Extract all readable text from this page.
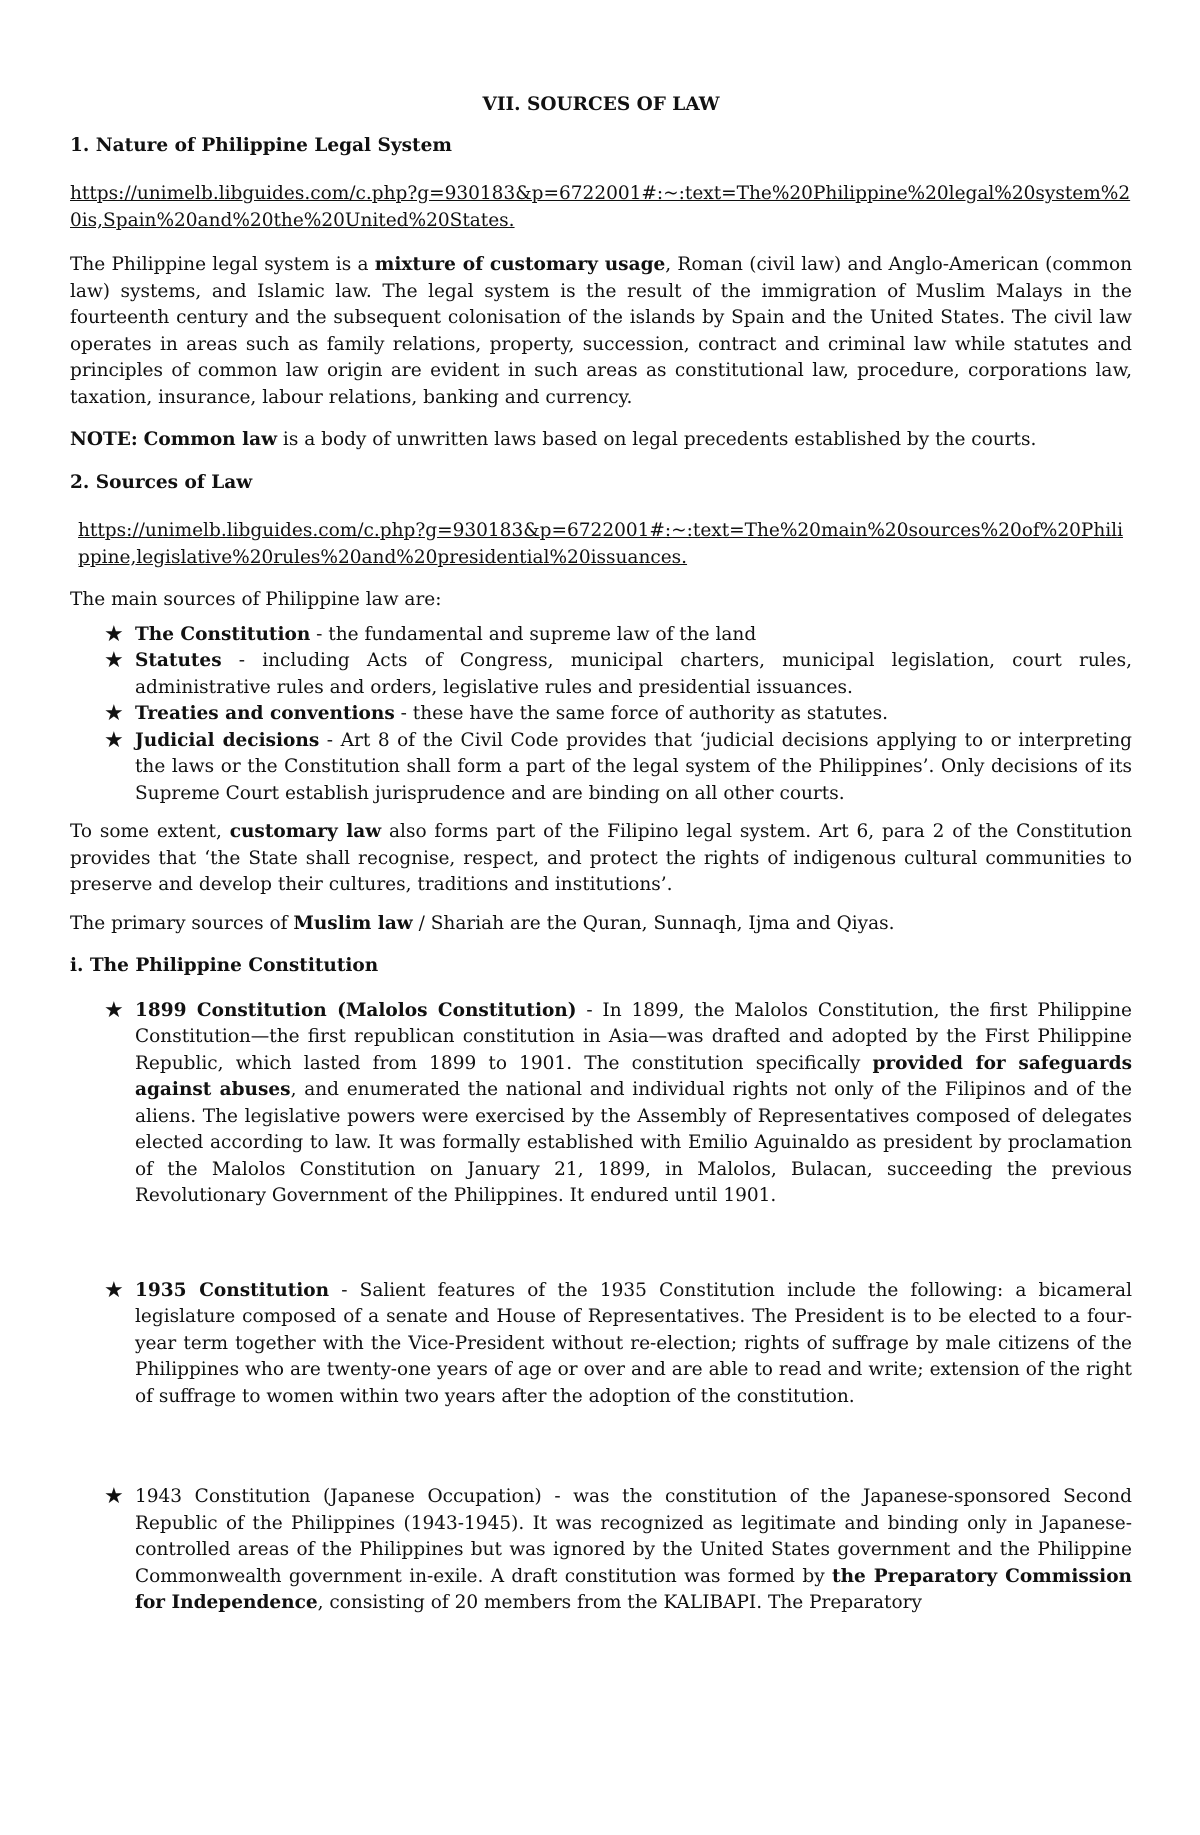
VII. SOURCES OF LAW

1. Nature of Philippine Legal System

https://unimelb.libguides.com/c.php?g=930183&p=6722001#:~:text=The%20Philippine%20legal%20system%20is,Spain%20and%20the%20United%20States.

The Philippine legal system is a mixture of customary usage, Roman (civil law) and Anglo-American (common law) systems, and Islamic law. The legal system is the result of the immigration of Muslim Malays in the fourteenth century and the subsequent colonisation of the islands by Spain and the United States. The civil law operates in areas such as family relations, property, succession, contract and criminal law while statutes and principles of common law origin are evident in such areas as constitutional law, procedure, corporations law, taxation, insurance, labour relations, banking and currency.

NOTE: Common law is a body of unwritten laws based on legal precedents established by the courts.

2. Sources of Law

https://unimelb.libguides.com/c.php?g=930183&p=6722001#:~:text=The%20main%20sources%20of%20Philippine,legislative%20rules%20and%20presidential%20issuances.

The main sources of Philippine law are:

★ The Constitution - the fundamental and supreme law of the land
★ Statutes - including Acts of Congress, municipal charters, municipal legislation, court rules, administrative rules and orders, legislative rules and presidential issuances.
★ Treaties and conventions - these have the same force of authority as statutes.
★ Judicial decisions - Art 8 of the Civil Code provides that ‘judicial decisions applying to or interpreting the laws or the Constitution shall form a part of the legal system of the Philippines’. Only decisions of its Supreme Court establish jurisprudence and are binding on all other courts.

To some extent, customary law also forms part of the Filipino legal system. Art 6, para 2 of the Constitution provides that ‘the State shall recognise, respect, and protect the rights of indigenous cultural communities to preserve and develop their cultures, traditions and institutions’.

The primary sources of Muslim law / Shariah are the Quran, Sunnaqh, Ijma and Qiyas.

i. The Philippine Constitution

★ 1899 Constitution (Malolos Constitution) - In 1899, the Malolos Constitution, the first Philippine Constitution—the first republican constitution in Asia—was drafted and adopted by the First Philippine Republic, which lasted from 1899 to 1901. The constitution specifically provided for safeguards against abuses, and enumerated the national and individual rights not only of the Filipinos and of the aliens. The legislative powers were exercised by the Assembly of Representatives composed of delegates elected according to law. It was formally established with Emilio Aguinaldo as president by proclamation of the Malolos Constitution on January 21, 1899, in Malolos, Bulacan, succeeding the previous Revolutionary Government of the Philippines. It endured until 1901.
★ 1935 Constitution - Salient features of the 1935 Constitution include the following: a bicameral legislature composed of a senate and House of Representatives. The President is to be elected to a four-year term together with the Vice-President without re-election; rights of suffrage by male citizens of the Philippines who are twenty-one years of age or over and are able to read and write; extension of the right of suffrage to women within two years after the adoption of the constitution.
★ 1943 Constitution (Japanese Occupation) - was the constitution of the Japanese-sponsored Second Republic of the Philippines (1943-1945). It was recognized as legitimate and binding only in Japanese-controlled areas of the Philippines but was ignored by the United States government and the Philippine Commonwealth government in-exile. A draft constitution was formed by the Preparatory Commission for Independence, consisting of 20 members from the KALIBAPI. The Preparatory
